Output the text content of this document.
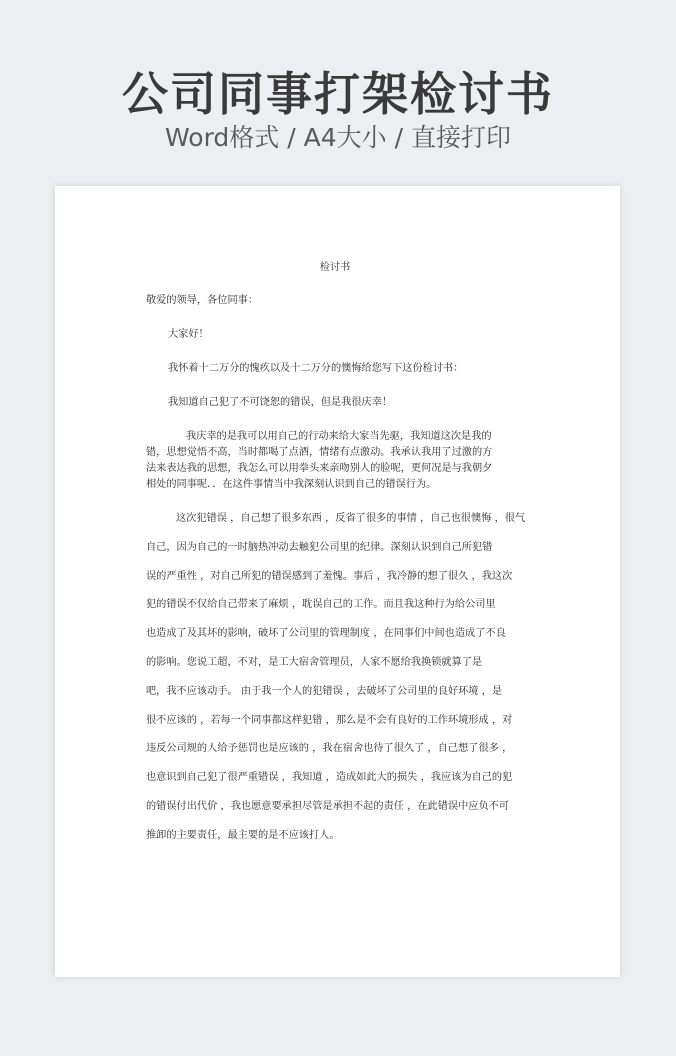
公司同事打架检讨书
Word格式 / A4大小 / 直接打印
检讨书
敬爱的领导，各位同事：
大家好！
我怀着十二万分的愧疚以及十二万分的懊悔给您写下这份检讨书：
我知道自己犯了不可饶恕的错误，但是我很庆幸！
我庆幸的是我可以用自己的行动来给大家当先驱，我知道这次是我的
错，思想觉悟不高，当时都喝了点酒，情绪有点激动。我承认我用了过激的方
法来表达我的思想，我怎么可以用拳头来亲吻别人的脸呢，更何况是与我朝夕
相处的同事呢．．在这件事情当中我深刻认识到自己的错误行为。
这次犯错误 ，自己想了很多东西 ，反省了很多的事情 ，自己也很懊悔 ，很气
自己，因为自己的一时脑热冲动去触犯公司里的纪律。深刻认识到自己所犯错
误的严重性 ，对自己所犯的错误感到了羞愧。事后 ，我冷静的想了很久 ，我这次
犯的错误不仅给自己带来了麻烦 ，耽误自己的工作。而且我这种行为给公司里
也造成了及其坏的影响，破坏了公司里的管理制度 ，在同事们中间也造成了不良
的影响。您说工超，不对，是工大宿舍管理员，人家不愿给我换锁就算了是
吧，我不应该动手。 由于我一个人的犯错误 ，去破坏了公司里的良好环境 ，是
很不应该的 ，若每一个同事都这样犯错 ，那么是不会有良好的工作环境形成 ，对
违反公司规的人给予惩罚也是应该的 ，我在宿舍也待了很久了 ，自己想了很多 ，
也意识到自己犯了很严重错误 ，我知道 ，造成如此大的损失 ，我应该为自己的犯
的错误付出代价 ，我也愿意要承担尽管是承担不起的责任 ，在此错误中应负不可
推卸的主要责任，最主要的是不应该打人。
